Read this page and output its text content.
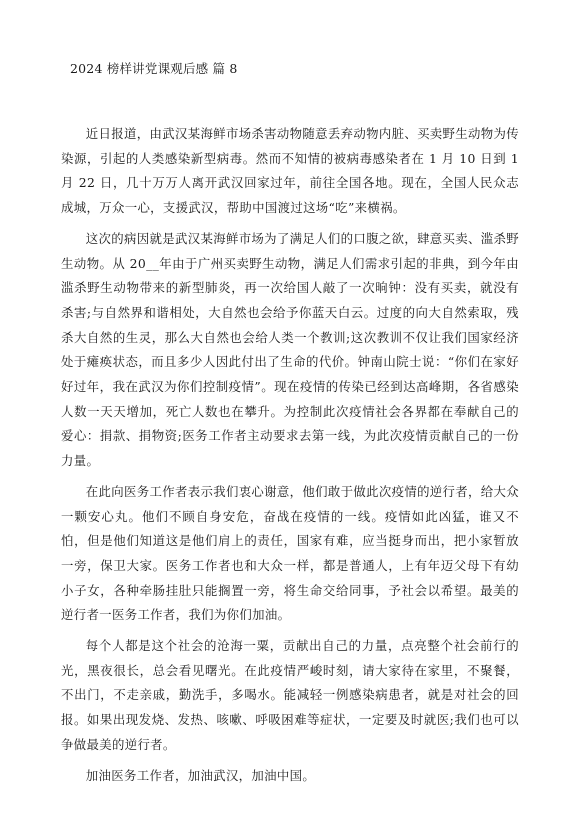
2024 榜样讲党课观后感 篇 8

近日报道，由武汉某海鲜市场杀害动物随意丢弃动物内脏、买卖野生动物为传染源，引起的人类感染新型病毒。然而不知情的被病毒感染者在 1 月 10 日到 1 月 22 日，几十万万人离开武汉回家过年，前往全国各地。现在，全国人民众志成城，万众一心，支援武汉，帮助中国渡过这场“吃”来横祸。

这次的病因就是武汉某海鲜市场为了满足人们的口腹之欲，肆意买卖、滥杀野生动物。从 20__年由于广州买卖野生动物，满足人们需求引起的非典，到今年由滥杀野生动物带来的新型肺炎，再一次给国人敲了一次晌钟：没有买卖，就没有杀害;与自然界和谐相处，大自然也会给予你蓝天白云。过度的向大自然索取，残杀大自然的生灵，那么大自然也会给人类一个教训;这次教训不仅让我们国家经济处于瘫痪状态，而且多少人因此付出了生命的代价。钟南山院士说：“你们在家好好过年，我在武汉为你们控制疫情”。现在疫情的传染已经到达高峰期，各省感染人数一天天增加，死亡人数也在攀升。为控制此次疫情社会各界都在奉献自己的爱心：捐款、捐物资;医务工作者主动要求去第一线，为此次疫情贡献自己的一份力量。

在此向医务工作者表示我们衷心谢意，他们敢于做此次疫情的逆行者，给大众一颗安心丸。他们不顾自身安危，奋战在疫情的一线。疫情如此凶猛，谁又不怕，但是他们知道这是他们肩上的责任，国家有难，应当挺身而出，把小家暂放一旁，保卫大家。医务工作者也和大众一样，都是普通人，上有年迈父母下有幼小子女，各种牵肠挂肚只能搁置一旁，将生命交给同事，予社会以希望。最美的逆行者一医务工作者，我们为你们加油。

每个人都是这个社会的沧海一粟，贡献出自己的力量，点亮整个社会前行的光，黑夜很长，总会看见曙光。在此疫情严峻时刻，请大家待在家里，不聚餐，不出门，不走亲戚，勤洗手，多喝水。能减轻一例感染病患者，就是对社会的回报。如果出现发烧、发热、咳嗽、呼吸困难等症状，一定要及时就医;我们也可以争做最美的逆行者。

加油医务工作者，加油武汉，加油中国。
